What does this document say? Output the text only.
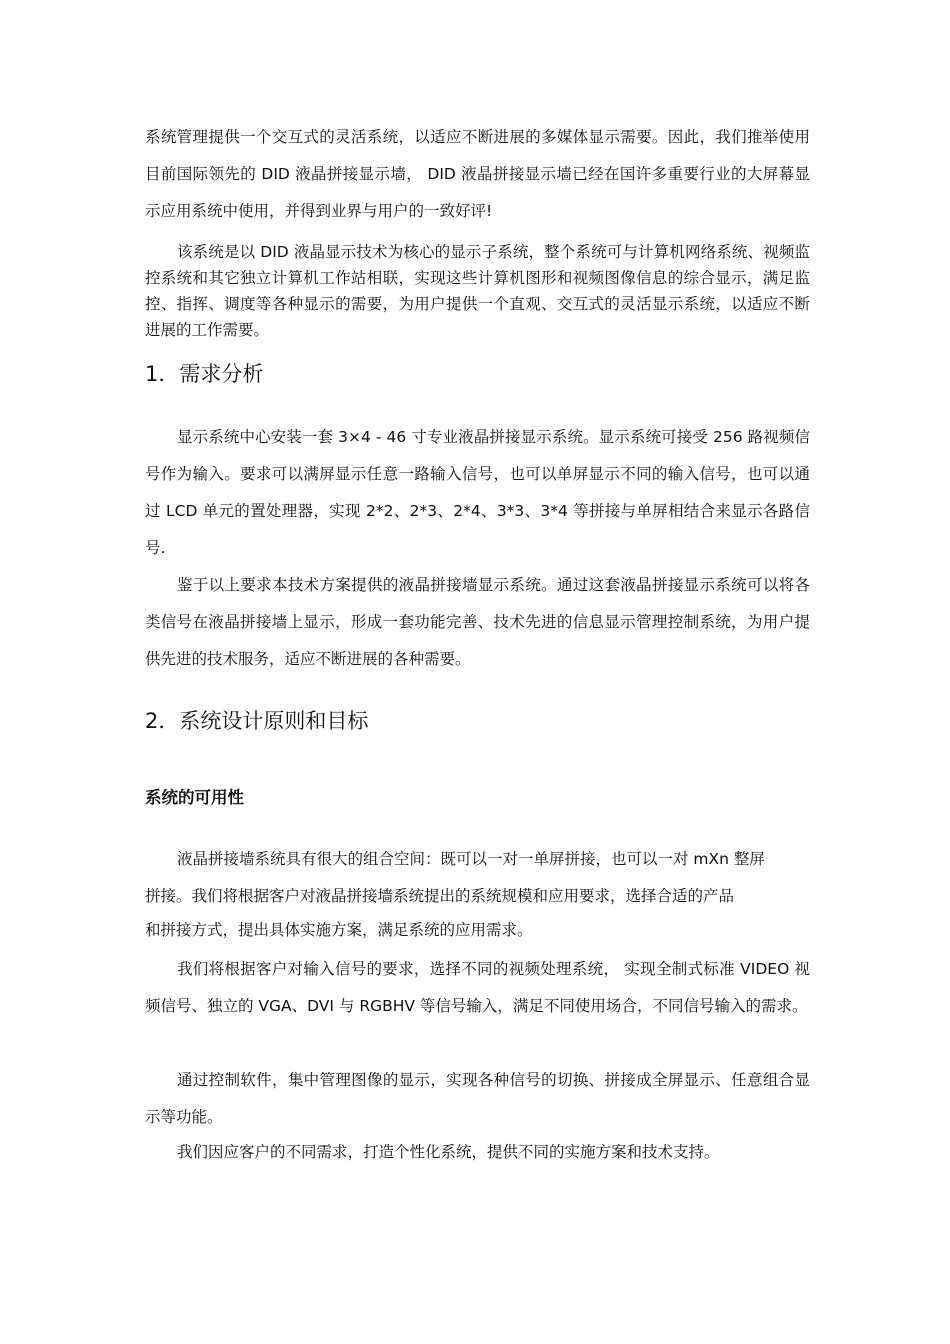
系统管理提供一个交互式的灵活系统，以适应不断进展的多媒体显示需要。因此，我们推举使用目前国际领先的 DID 液晶拼接显示墙， DID 液晶拼接显示墙已经在国许多重要行业的大屏幕显示应用系统中使用，并得到业界与用户的一致好评!

该系统是以 DID 液晶显示技术为核心的显示子系统，整个系统可与计算机网络系统、视频监控系统和其它独立计算机工作站相联，实现这些计算机图形和视频图像信息的综合显示，满足监控、指挥、调度等各种显示的需要，为用户提供一个直观、交互式的灵活显示系统，以适应不断进展的工作需要。

1．需求分析

显示系统中心安装一套 3×4 - 46 寸专业液晶拼接显示系统。显示系统可接受 256 路视频信号作为输入。要求可以满屏显示任意一路输入信号，也可以单屏显示不同的输入信号，也可以通过 LCD 单元的置处理器，实现 2*2、2*3、2*4、3*3、3*4 等拼接与单屏相结合来显示各路信号.

鉴于以上要求本技术方案提供的液晶拼接墙显示系统。通过这套液晶拼接显示系统可以将各类信号在液晶拼接墙上显示，形成一套功能完善、技术先进的信息显示管理控制系统，为用户提供先进的技术服务，适应不断进展的各种需要。

2．系统设计原则和目标
系统的可用性
液晶拼接墙系统具有很大的组合空间：既可以一对一单屏拼接，也可以一对 mXn 整屏
拼接。我们将根据客户对液晶拼接墙系统提出的系统规模和应用要求，选择合适的产品
和拼接方式，提出具体实施方案，满足系统的应用需求。

我们将根据客户对输入信号的要求，选择不同的视频处理系统， 实现全制式标准 VIDEO 视频信号、独立的 VGA、DVI 与 RGBHV 等信号输入，满足不同使用场合，不同信号输入的需求。

通过控制软件，集中管理图像的显示，实现各种信号的切换、拼接成全屏显示、任意组合显示等功能。

我们因应客户的不同需求，打造个性化系统，提供不同的实施方案和技术支持。
